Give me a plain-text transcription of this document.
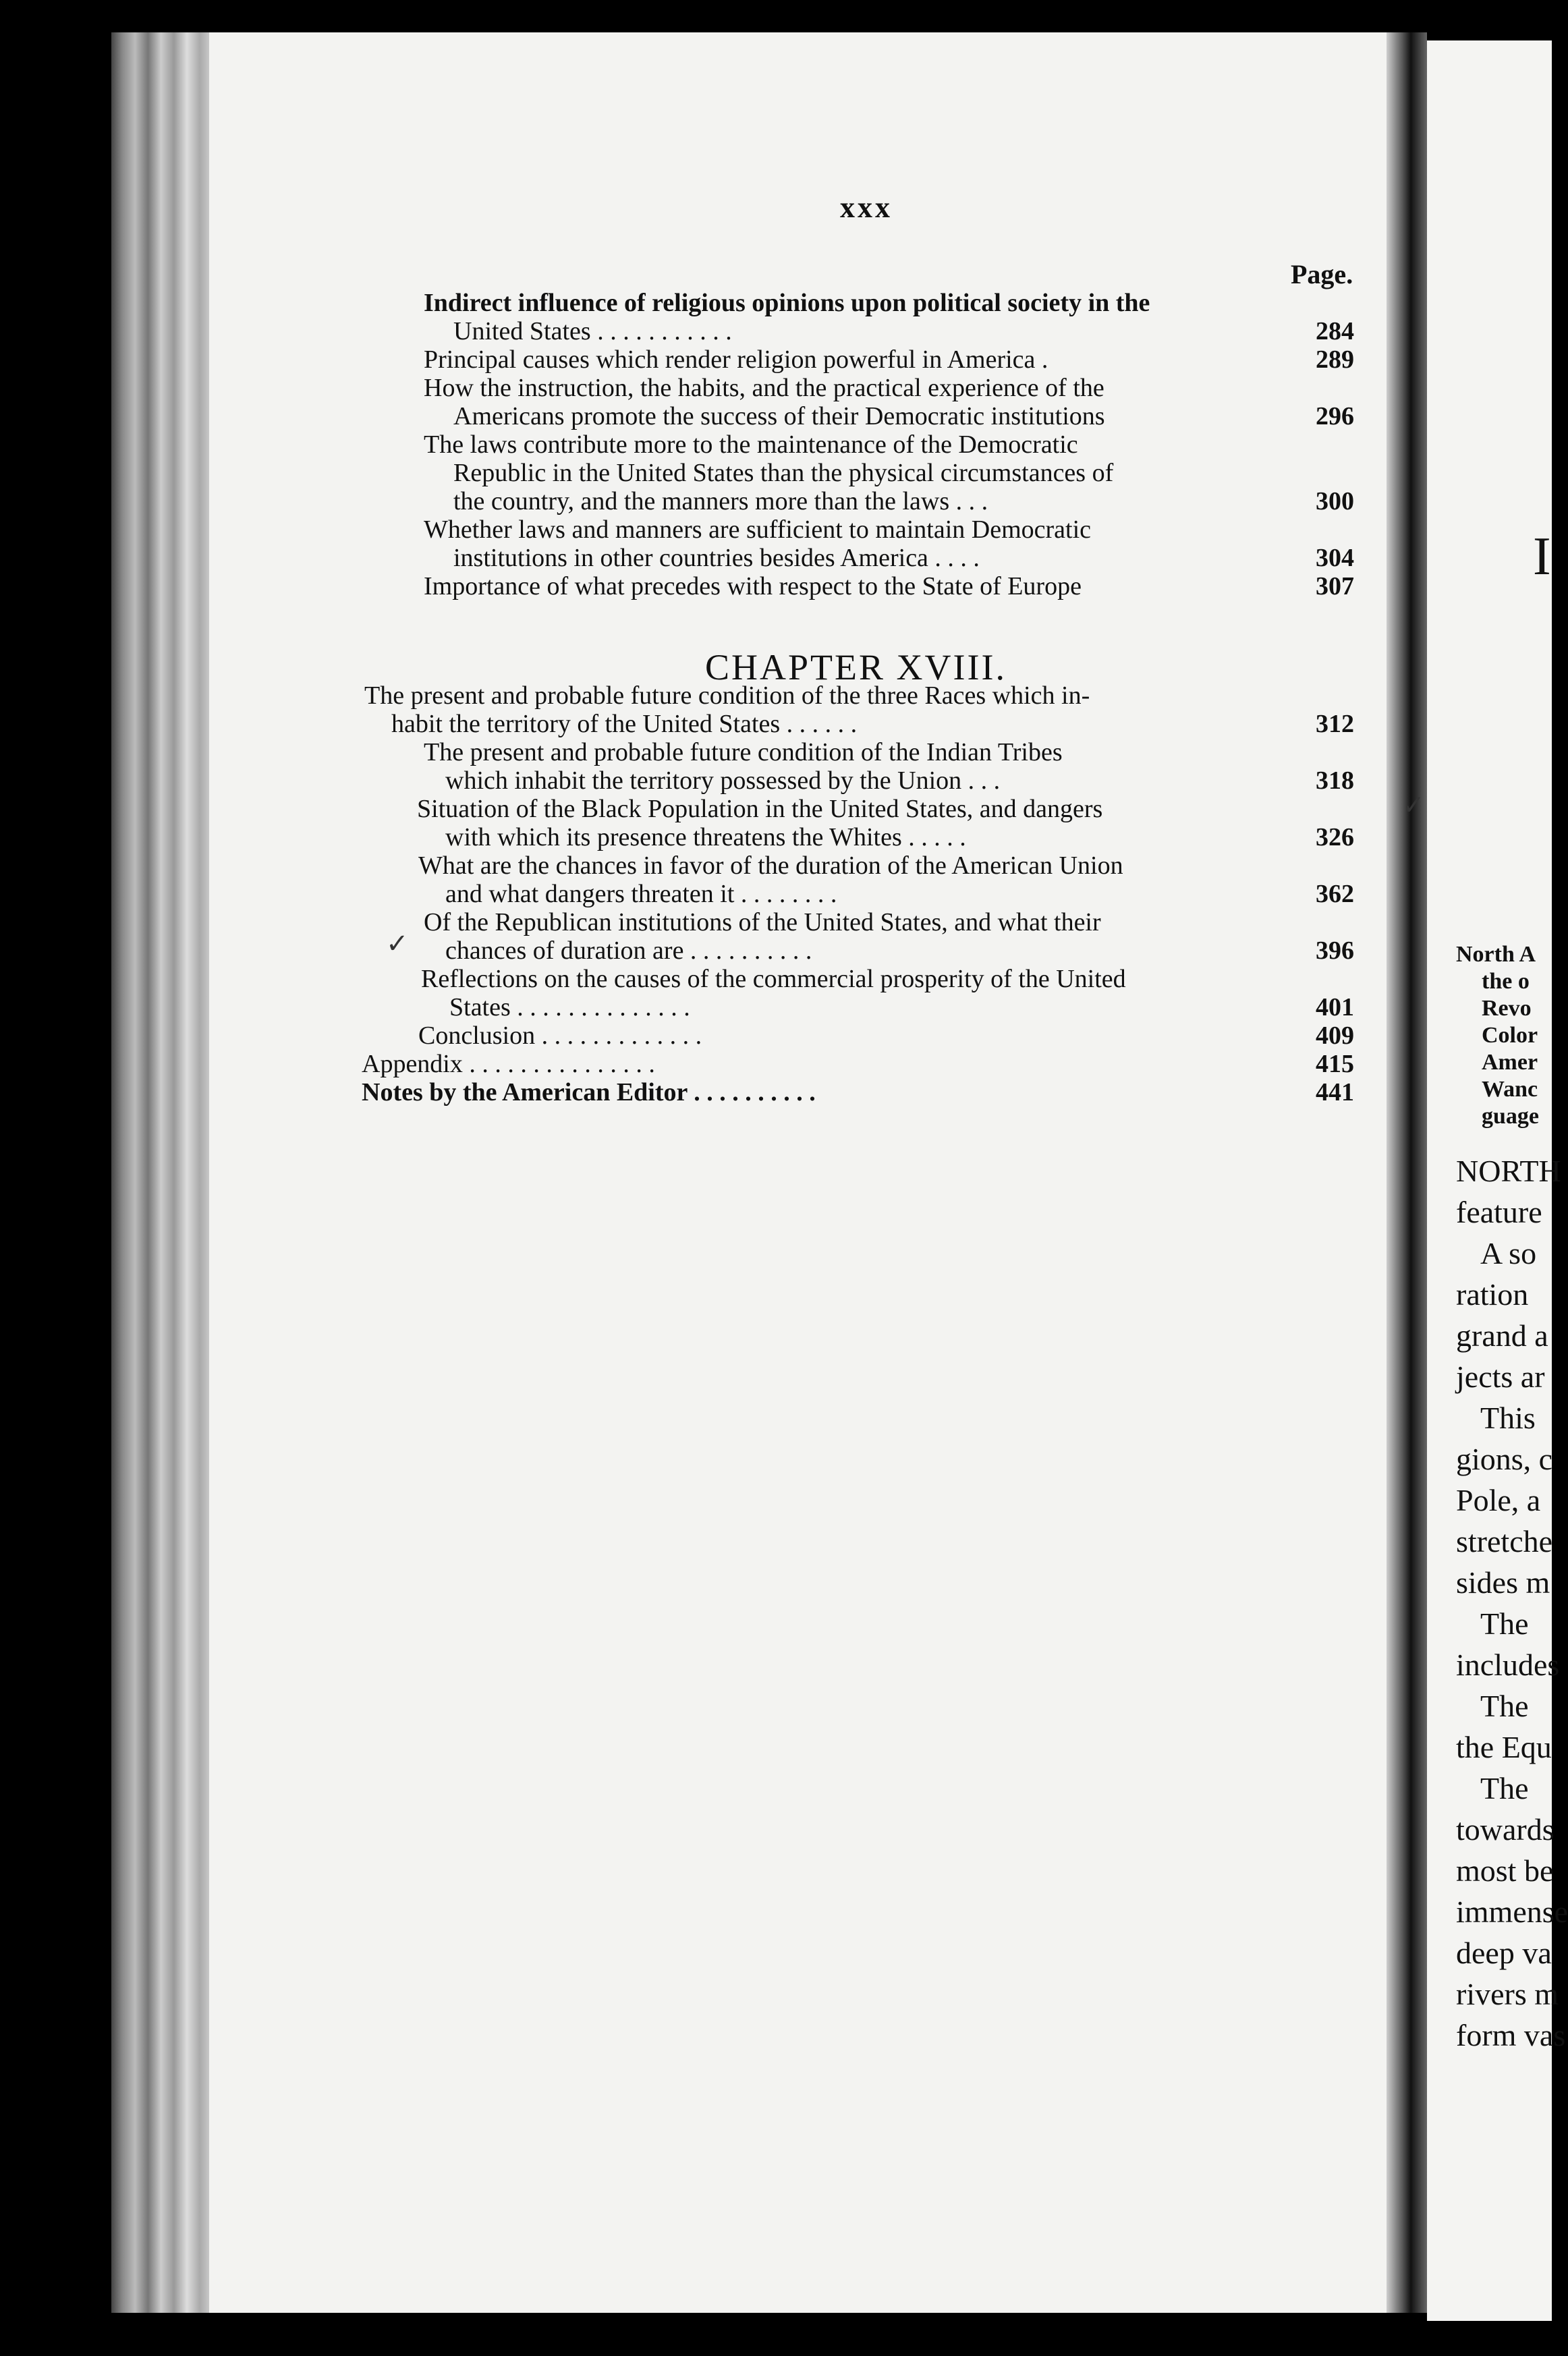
xxx
Page.
Indirect influence of religious opinions upon political society in the
United States . . . . . . . . . . .	284
Principal causes which render religion powerful in America .	289
How the instruction, the habits, and the practical experience of the
Americans promote the success of their Democratic institutions	296
The laws contribute more to the maintenance of the Democratic
Republic in the United States than the physical circumstances of
the country, and the manners more than the laws . . .	300
Whether laws and manners are sufficient to maintain Democratic
institutions in other countries besides America . . . .	304
Importance of what precedes with respect to the State of Europe	307
CHAPTER XVIII.
The present and probable future condition of the three Races which in-
habit the territory of the United States . . . . . .	312
The present and probable future condition of the Indian Tribes
which inhabit the territory possessed by the Union . . .	318
Situation of the Black Population in the United States, and dangers
with which its presence threatens the Whites . . . . .	326
What are the chances in favor of the duration of the American Union
and what dangers threaten it . . . . . . . .	362
Of the Republican institutions of the United States, and what their
chances of duration are . . . . . . . . . .	396
Reflections on the causes of the commercial prosperity of the United
States . . . . . . . . . . . . . .	401
Conclusion . . . . . . . . . . . . .	409
Appendix . . . . . . . . . . . . . . .	415
Notes by the American Editor . . . . . . . . . .	441
✓
✓
I
North A
the o
Revo
Color
Amer
Wanc
guage
NORTH
feature
A so
ration
grand a
jects ar
This
gions, c
Pole, a
stretche
sides m
The
includes
The
the Equ
The
towards
most be
immense
deep va
rivers m
form vas
